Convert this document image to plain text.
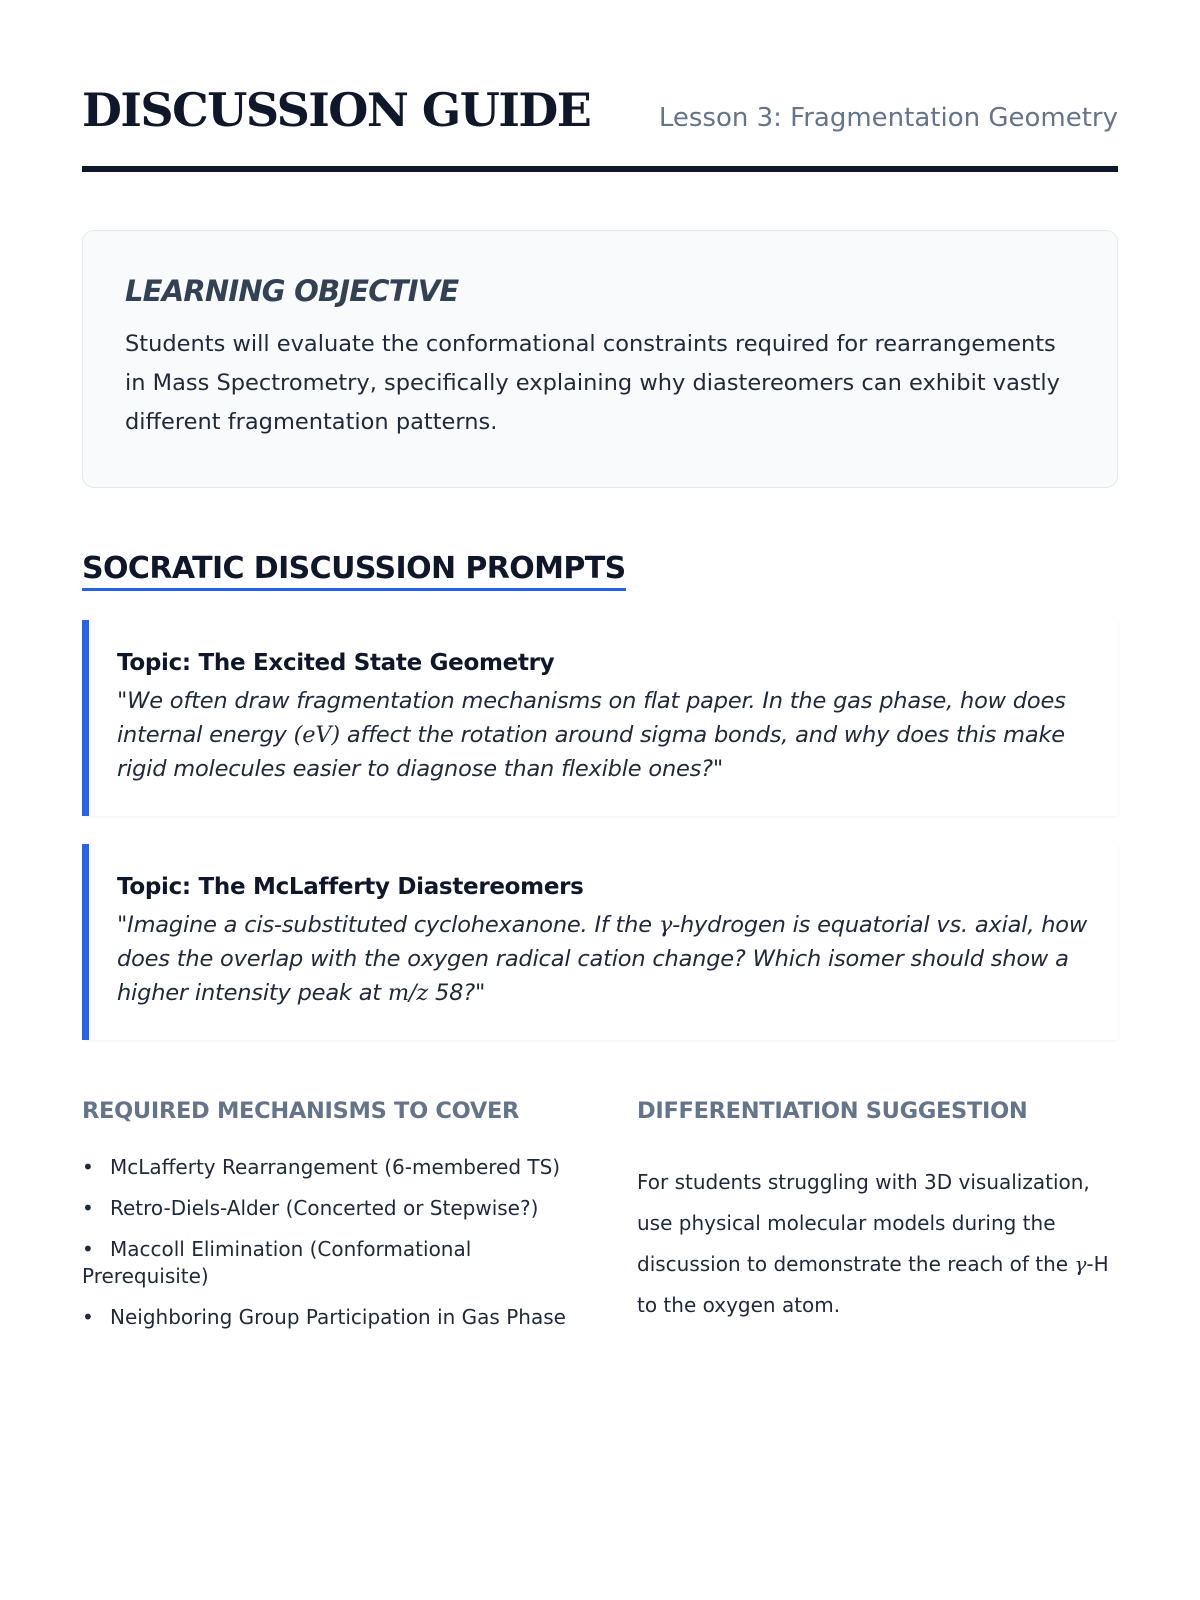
DISCUSSION GUIDE	Lesson 3: Fragmentation Geometry
LEARNING OBJECTIVE

Students will evaluate the conformational constraints required for rearrangements in Mass Spectrometry, specifically explaining why diastereomers can exhibit vastly different fragmentation patterns.

SOCRATIC DISCUSSION PROMPTS
Topic: The Excited State Geometry

"We often draw fragmentation mechanisms on flat paper. In the gas phase, how does internal energy (eV) affect the rotation around sigma bonds, and why does this make rigid molecules easier to diagnose than flexible ones?"

Topic: The McLafferty Diastereomers

"Imagine a cis-substituted cyclohexanone. If the γ-hydrogen is equatorial vs. axial, how does the overlap with the oxygen radical cation change? Which isomer should show a higher intensity peak at m/z 58?"

REQUIRED MECHANISMS TO COVER
• McLafferty Rearrangement (6-membered TS)
• Retro-Diels-Alder (Concerted or Stepwise?)
• Maccoll Elimination (Conformational Prerequisite)
• Neighboring Group Participation in Gas Phase
DIFFERENTIATION SUGGESTION

For students struggling with 3D visualization, use physical molecular models during the discussion to demonstrate the reach of the γ-H to the oxygen atom.
